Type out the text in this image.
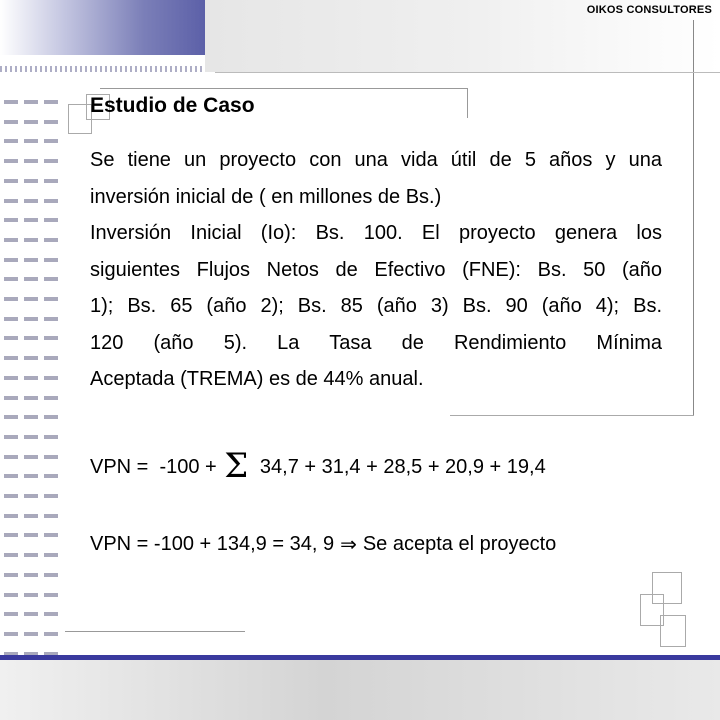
OIKOS CONSULTORES
Estudio de Caso
Se tiene un proyecto con una vida útil de 5 años y una
inversión inicial de ( en millones de Bs.)
Inversión Inicial (Io): Bs. 100. El proyecto genera los
siguientes Flujos Netos de Efectivo (FNE): Bs. 50 (año
1); Bs. 65 (año 2); Bs. 85 (año 3) Bs. 90 (año 4); Bs.
120 (año 5). La Tasa de Rendimiento Mínima
Aceptada (TREMA) es de 44% anual.
VPN =  -100 + Σ 34,7 + 31,4 + 28,5 + 20,9 + 19,4
VPN = -100 + 134,9 = 34, 9 ⇒ Se acepta el proyecto
